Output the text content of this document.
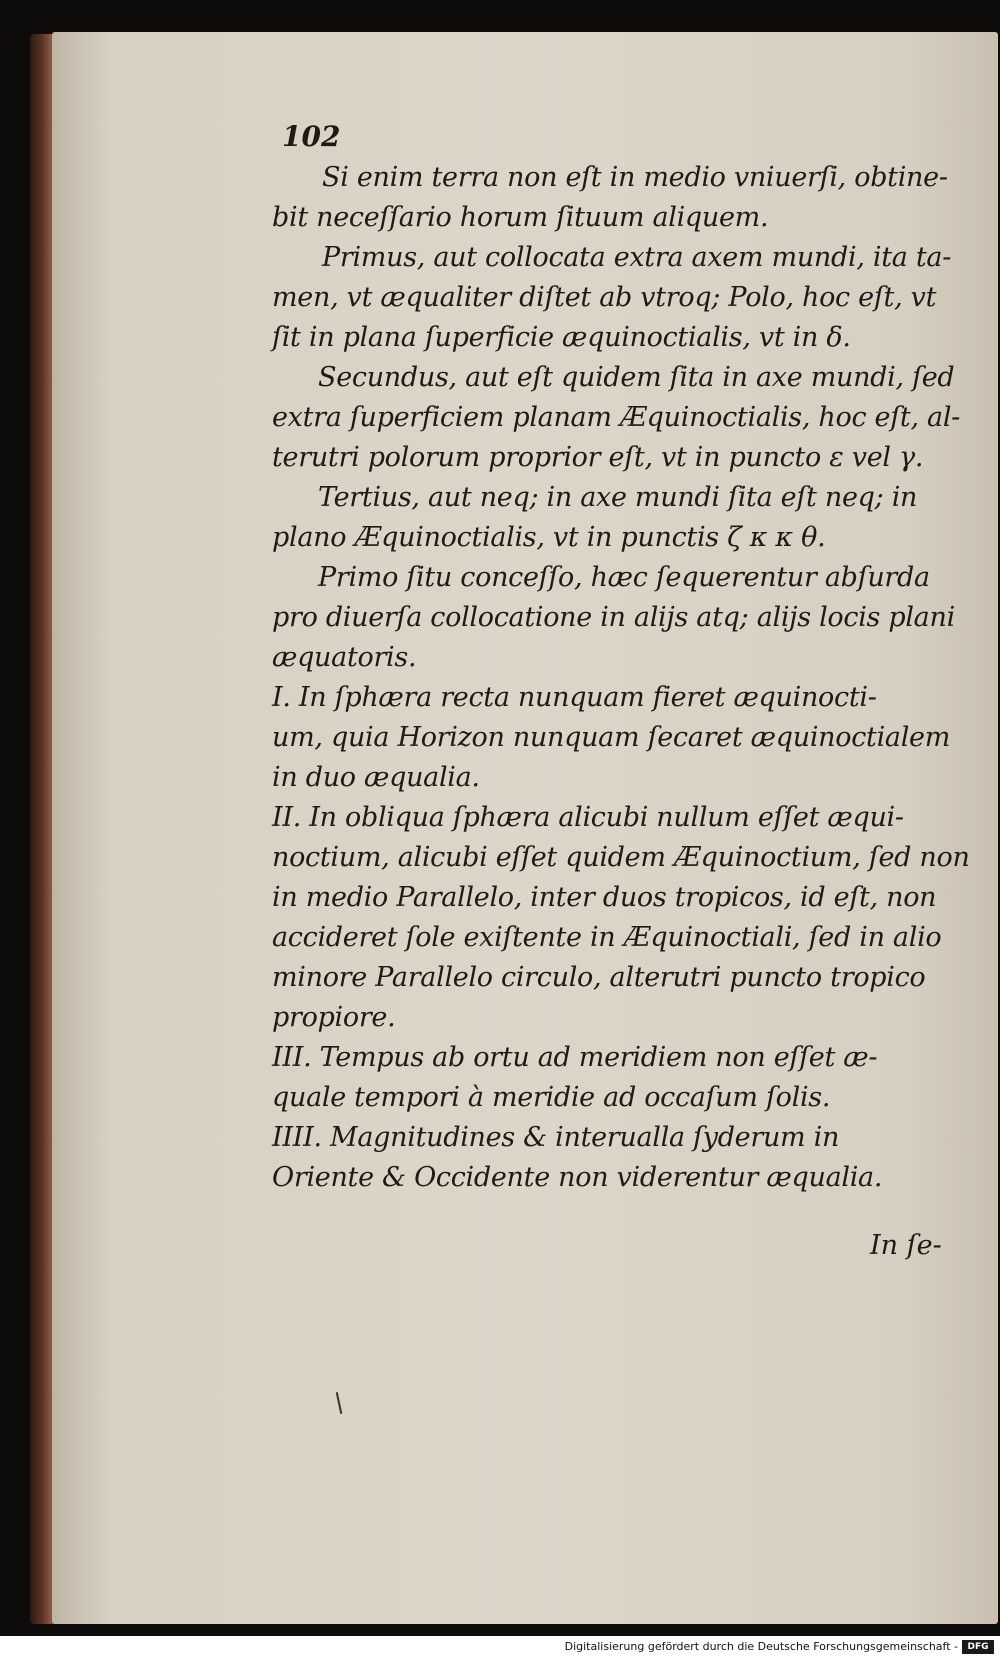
102
Si enim terra non eſt in medio vniuerſi, obtine-
bit neceſſario horum ſituum aliquem.
Primus, aut collocata extra axem mundi, ita ta-
men, vt æqualiter diſtet ab vtroq; Polo, hoc eſt, vt
ſit in plana ſuperficie æquinoctialis, vt in δ.
Secundus, aut eſt quidem ſita in axe mundi, ſed
extra ſuperficiem planam Æquinoctialis, hoc eſt, al-
terutri polorum proprior eſt, vt in puncto ε vel γ.
Tertius, aut neq; in axe mundi ſita eſt neq; in
plano Æquinoctialis, vt in punctis ζ κ κ θ.
Primo ſitu conceſſo, hæc ſequerentur abſurda
pro diuerſa collocatione in alijs atq; alijs locis plani
æquatoris.
I. In ſphæra recta nunquam fieret æquinocti-
um, quia Horizon nunquam ſecaret æquinoctialem
in duo æqualia.
II. In obliqua ſphæra alicubi nullum eſſet æqui-
noctium, alicubi eſſet quidem Æquinoctium, ſed non
in medio Parallelo, inter duos tropicos, id eſt, non
accideret ſole exiſtente in Æquinoctiali, ſed in alio
minore Parallelo circulo, alterutri puncto tropico
propiore.
III. Tempus ab ortu ad meridiem non eſſet æ-
quale tempori à meridie ad occaſum ſolis.
IIII. Magnitudines & interualla ſyderum in
Oriente & Occidente non viderentur æqualia.
In ſe-
Digitalisierung gefördert durch die Deutsche Forschungsgemeinschaft -	DFG
